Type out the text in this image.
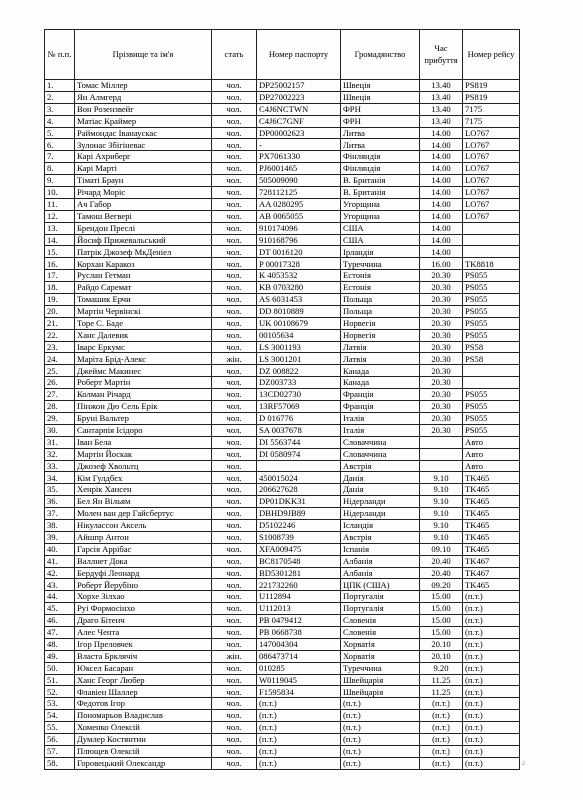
№ п.п.	Прізвище та ім'я	стать	Номер паспорту	Громадянство	Час прибуття	Номер рейсу
1.	Томас Міллер	чол.	DP25002157	Швеція	13.40	PS819
2.	Ян Алмгерд	чол.	DP27002223	Швеція	13.40	PS819
3.	Вон Розензвейг	чол.	C4J6NCTWN	ФРН	13.40	7175
4.	Матіас Краймер	чол.	C4J6C7GNF	ФРН	13.40	7175
5.	Раймондас Іванаускас	чол.	DP00002623	Литва	14.00	LO767
6.	Зулонас Збігіневас	чол.	-	Литва	14.00	LO767
7.	Карі Ахриберг	чол.	PX7061330	Фінляндія	14.00	LO767
8.	Карі Марті	чол.	PJ6001465	Фінляндія	14.00	LO767
9.	Тіматі Браун	чол.	505009090	В. Британія	14.00	LO767
10.	Річард Моріс	чол.	728112125	В. Британія	14.00	LO767
11.	Ач Габор	чол.	AA 0280295	Угорщина	14.00	LO767
12.	Тамош Вегвері	чол.	AB 0065055	Угорщина	14.00	LO767
13.	Брендон Преслі	чол.	910174096	США	14.00	
14.	Йосиф Прижевальський	чол.	910168796	США	14.00	
15.	Патрік Джозеф МкДеніел	чол.	DT 0016120	Ірландія	14.00	
16.	Корхан Каракоз	чол.	P 00017328	Туреччина	16.00	TK8818
17.	Руслан Гетман	чол.	K 4053532	Естонія	20.30	PS055
18.	Райдо Саремат	чол.	KB 0703280	Естонія	20.30	PS055
19.	Томашик Ерчи	чол.	AS 6031453	Польща	20.30	PS055
20.	Мартін Червінскі	чол.	DD 8010889	Польща	20.30	PS055
21.	Торе С. Баде	чол.	UK 00108679	Норвегія	20.30	PS055
22.	Ханс Далевик	чол.	00105634	Норвегія	20.30	PS055
23.	Іварс Еркумс	чол.	LS 3001193	Латвія	20.30	PS58
24.	Маріта Брід-Алекс	жін.	LS 3001201	Латвія	20.30	PS58
25.	Джеймс Макинес	чол.	DZ 008822	Канада	20.30	
26.	Роберт Мартін	чол.	DZ003733	Канада	20.30	
27.	Колман Річард	чол.	13CD02730	Франція	20.30	PS055
28.	Пінжон Дю Сель Ерік	чол.	13RF57069	Франція	20.30	PS055
29.	Бруні Вальтер	чол.	D 016776	Італія	20.30	PS055
30.	Сантарпія Ісідоро	чол.	SA 0037678	Італія	20.30	PS055
31.	Іван Бела	чол.	DI 5563744	Словаччина		Авто
32.	Мартін Йоскак	чол.	DI 0580974	Словаччина		Авто
33.	Джозеф Хвольтц	чол.		Австрія		Авто
34.	Кім Гулдбєх	чол.	450015024	Данія	9.10	TK465
35.	Хенрік Хансен	чол.	206627628	Данія	9.10	TK465
36.	Бел Ян Вільям	чол.	DP01DKK31	Нідерланди	9.10	TK465
37.	Молен ван дер Гайсбертус	чол.	DBHD9JB89	Нідерланди	9.10	TK465
38.	Нікуласcон Аксель	чол.	D5102246	Ісландія	9.10	TK465
39.	Айшпр Антон	чол.	S1008739	Австрія	9.10	TK465
40.	Гарсія Аррібас	чол.	XFA009475	Іспанія	09.10	TK465
41.	Валлнет Дока	чол.	BC8170548	Албанія	20.40	TK467
42.	Бердуфі Леонард	чол.	BD5301281	Албанія	20.40	TK467
43.	Роберт Йерубіно	чол.	221732260	ЦПК (США)	09.20	TK465
44.	Хорхе Зілхао	чол.	U112894	Португалія	15.00	(п.т.)
45.	Руі Формосінхо	чол.	U112013	Португалія	15.00	(п.т.)
46.	Драго Бітенч	чол.	PB 0479412	Словенія	15.00	(п.т.)
47.	Алес Чента	чол.	PB 0668738	Словенія	15.00	(п.т.)
48.	Ігор Преловчек	чол.	147004304	Хорватія	20.10	(п.т.)
49.	Власта Брклячіч	жін.	086473714	Хорватія	20.10	(п.т.)
50.	Юксел Басаран	чол.	010285	Туреччина	9.20	(п.т.)
51.	Ханс Георг Любер	чол.	W0119045	Швейцарія	11.25	(п.т.)
52.	Флавіен Шаллер	чол.	F1595834	Швейцарія	11.25	(п.т.)
53.	Федотов Ігор	чол.	(п.т.)	(п.т.)	(п.т.)	(п.т.)
54.	Пономарьов Владислав	чол.	(п.т.)	(п.т.)	(п.т.)	(п.т.)
55.	Хоменко Олексій	чол.	(п.т.)	(п.т.)	(п.т.)	(п.т.)
56.	Думлер Костянтин	чол.	(п.т.)	(п.т.)	(п.т.)	(п.т.)
57.	Плющев Олексій	чол.	(п.т.)	(п.т.)	(п.т.)	(п.т.)
58.	Горовецький Олександр	чол.	(п.т.)	(п.т.)	(п.т.)	(п.т.)	2
